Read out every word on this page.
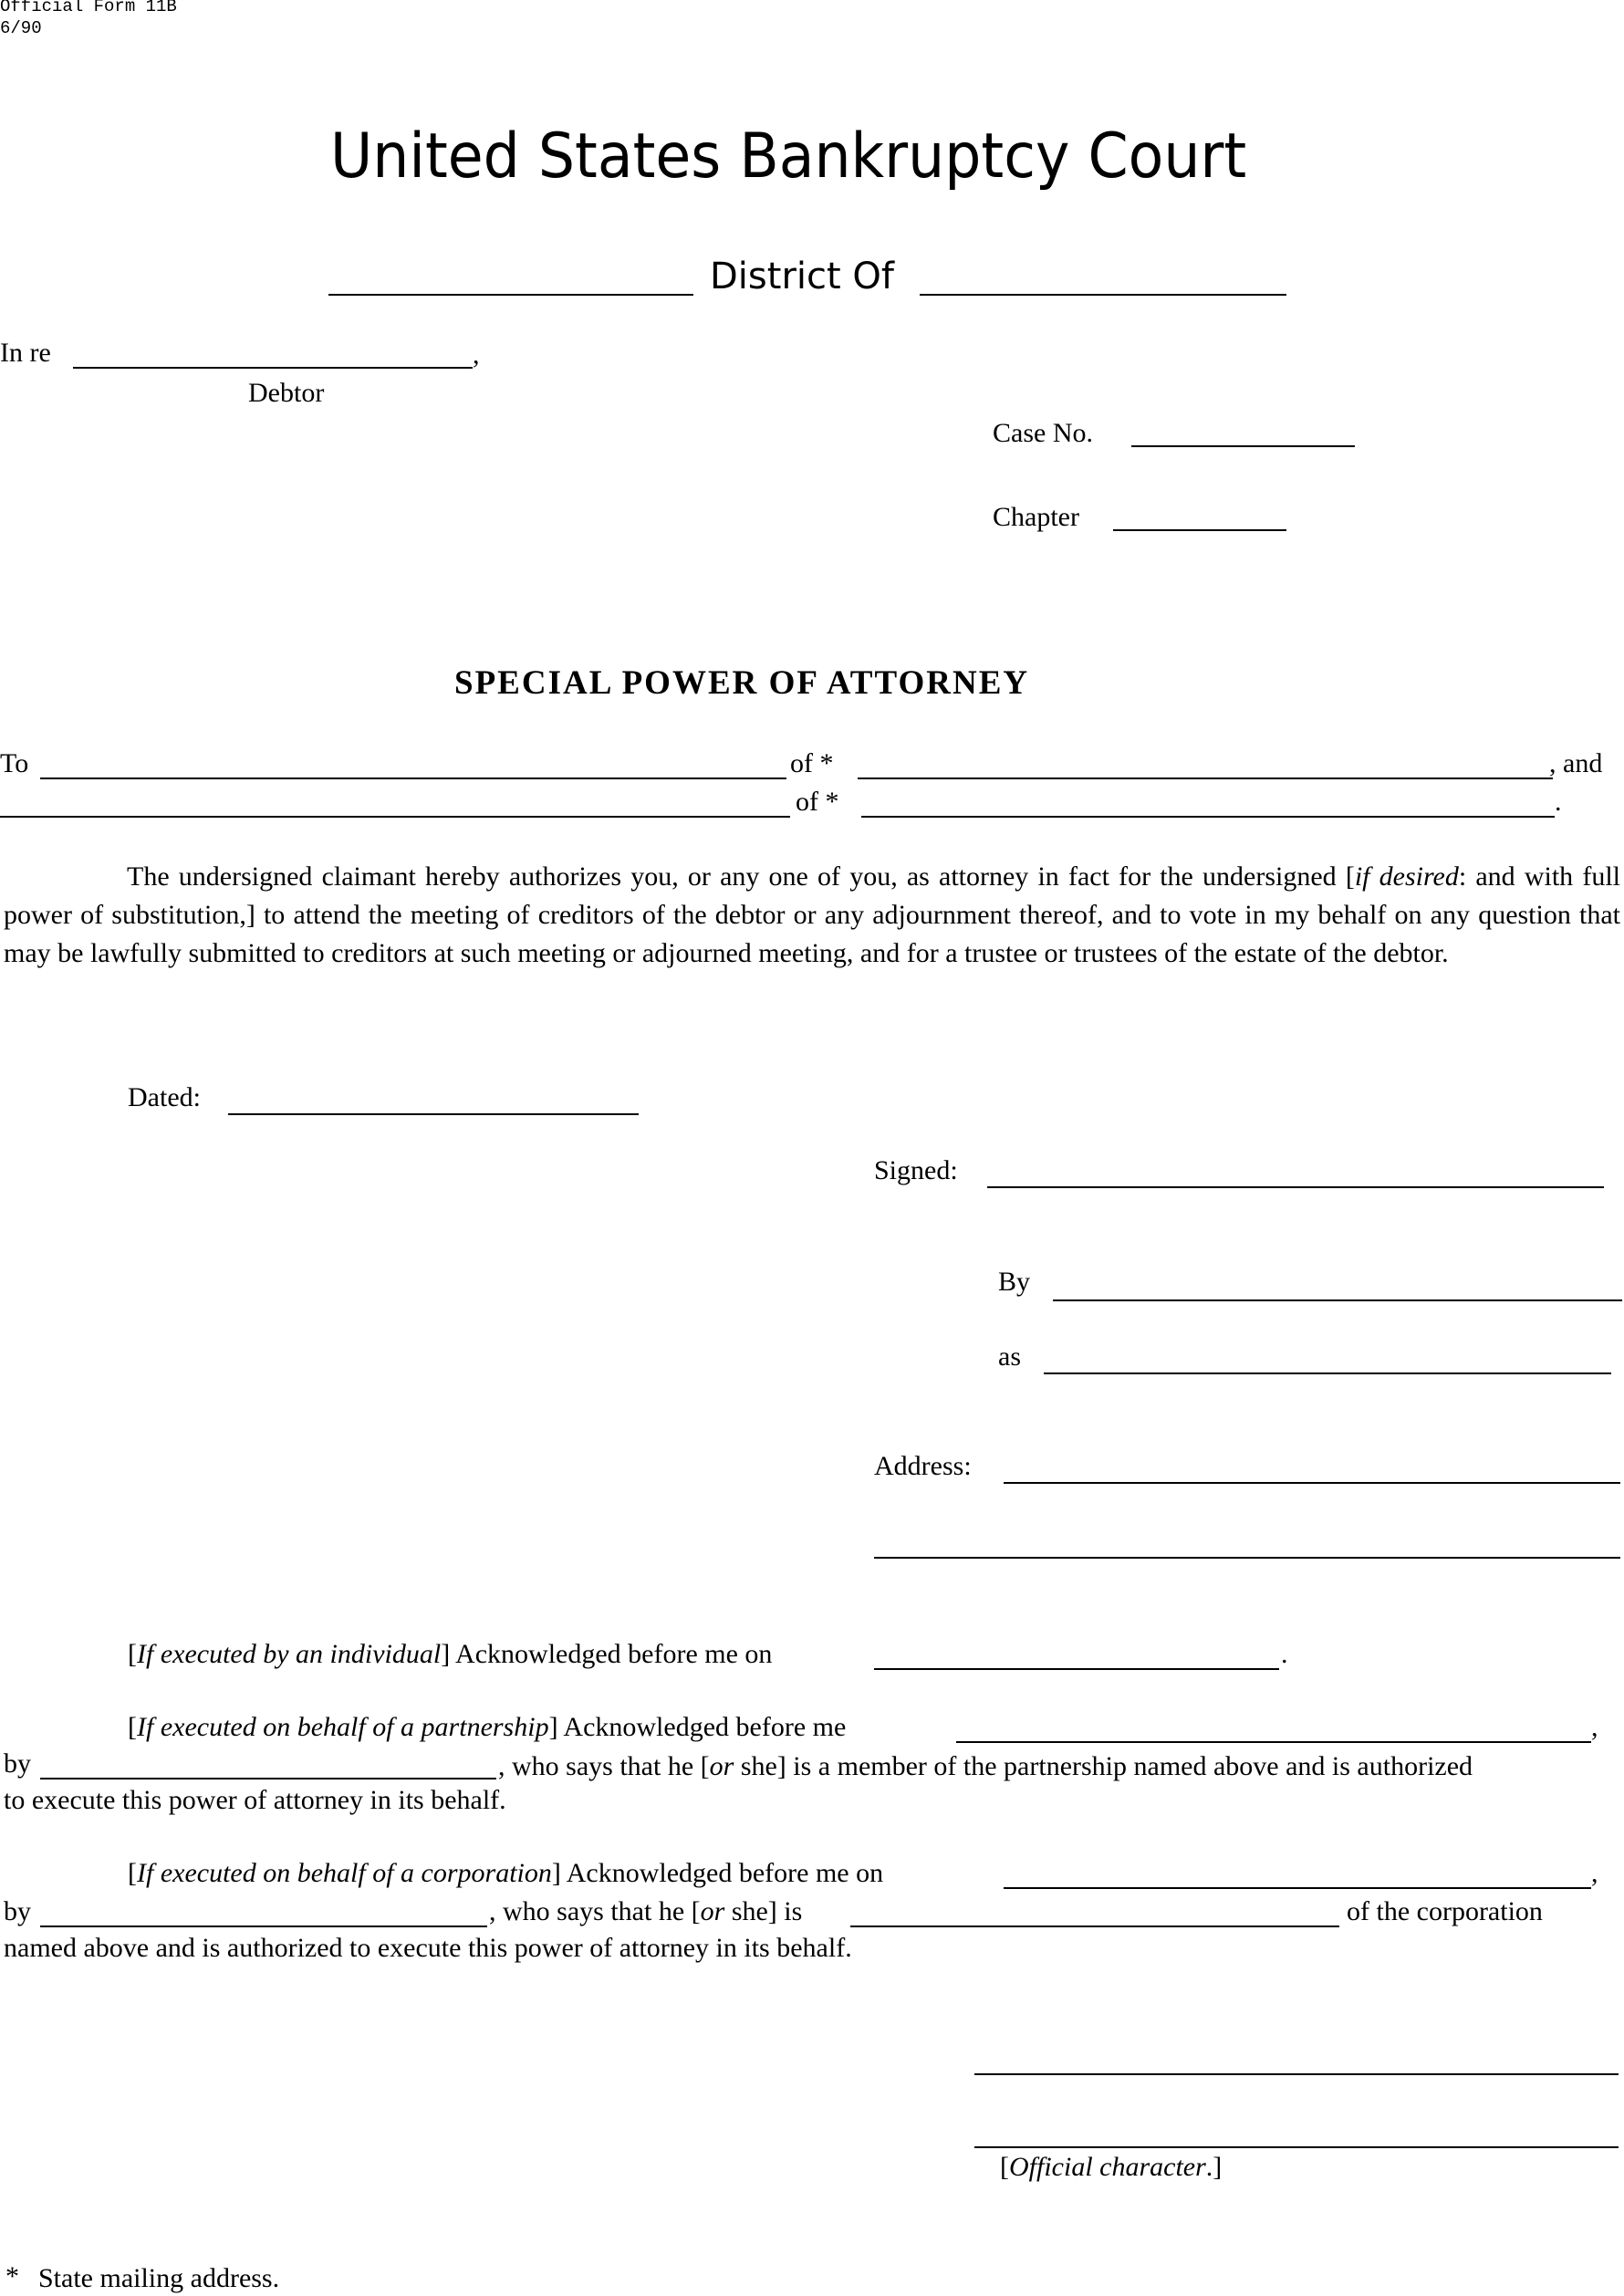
Official Form 11B
6/90
United States Bankruptcy Court
District Of
In re	,
Debtor
Case No.
Chapter
SPECIAL POWER OF ATTORNEY
To	of *	, and
of *	.
The undersigned claimant hereby authorizes you, or any one of you, as attorney in fact for the undersigned [if desired: and with full power of substitution,] to attend the meeting of creditors of the debtor or any adjournment thereof, and to vote in my behalf on any question that may be lawfully submitted to creditors at such meeting or adjourned meeting, and for a trustee or trustees of the estate of the debtor.
Dated:
Signed:
By
as
Address:
[If executed by an individual] Acknowledged before me on	.
[If executed on behalf of a partnership] Acknowledged before me	,
by	, who says that he [or she] is a member of the partnership named above and is authorized
[If executed on behalf of a corporation] Acknowledged before me on	,
by	, who says that he [or she] is	of the corporation
named above and is authorized to execute this power of attorney in its behalf.
[Official character.]
* State mailing address.
to execute this power of attorney in its behalf.
